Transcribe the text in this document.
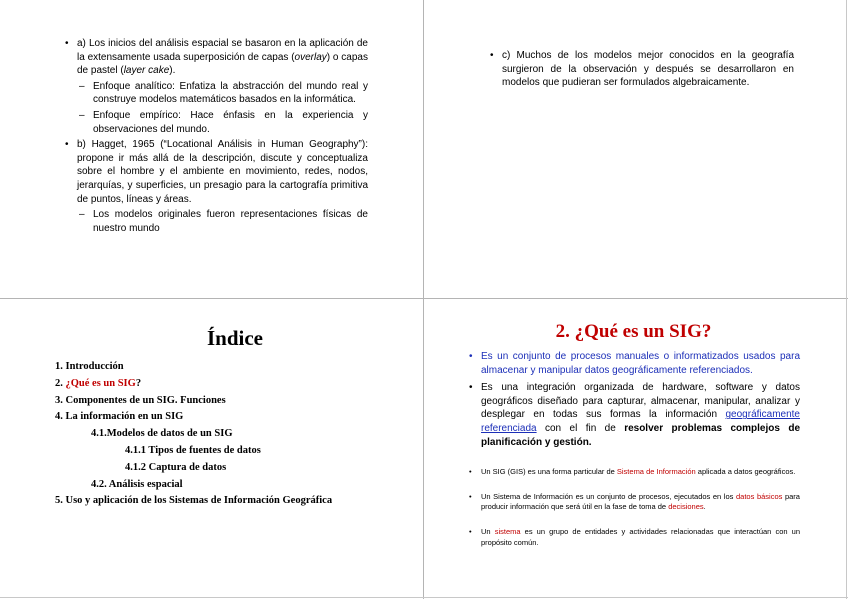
• a) Los inicios del análisis espacial se basaron en la aplicación de la extensamente usada superposición de capas (overlay) o capas de pastel (layer cake).

– Enfoque analítico: Enfatiza la abstracción del mundo real y construye modelos matemáticos basados en la informática.

– Enfoque empírico: Hace énfasis en la experiencia y observaciones del mundo.

• b) Hagget, 1965 (“Locational Análisis in Human Geography”): propone ir más allá de la descripción, discute y conceptualiza sobre el hombre y el ambiente en movimiento, redes, nodos, jerarquías, y superficies, un presagio para la cartografía primitiva de puntos, líneas y áreas.

– Los modelos originales fueron representaciones físicas de nuestro mundo

• c) Muchos de los modelos mejor conocidos en la geografía surgieron de la observación y después se desarrollaron en modelos que pudieran ser formulados algebraicamente.

Índice
1. Introducción
2. ¿Qué es un SIG?
3. Componentes de un SIG. Funciones
4. La información en un SIG
4.1.Modelos de datos de un SIG
4.1.1 Tipos de fuentes de datos
4.1.2 Captura de datos
4.2. Análisis espacial
5. Uso y aplicación de los Sistemas de Información Geográfica
2. ¿Qué es un SIG?

• Es un conjunto de procesos manuales o informatizados usados para almacenar y manipular datos geográficamente referenciados.

• Es una integración organizada de hardware, software y datos geográficos diseñado para capturar, almacenar, manipular, analizar y desplegar en todas sus formas la información geográficamente referenciada con el fin de resolver problemas complejos de planificación y gestión.

• Un SIG (GIS) es una forma particular de Sistema de Información aplicada a datos geográficos.

• Un Sistema de Información es un conjunto de procesos, ejecutados en los datos básicos para producir información que será útil en la fase de toma de decisiones.

• Un sistema es un grupo de entidades y actividades relacionadas que interactúan con un propósito común.
